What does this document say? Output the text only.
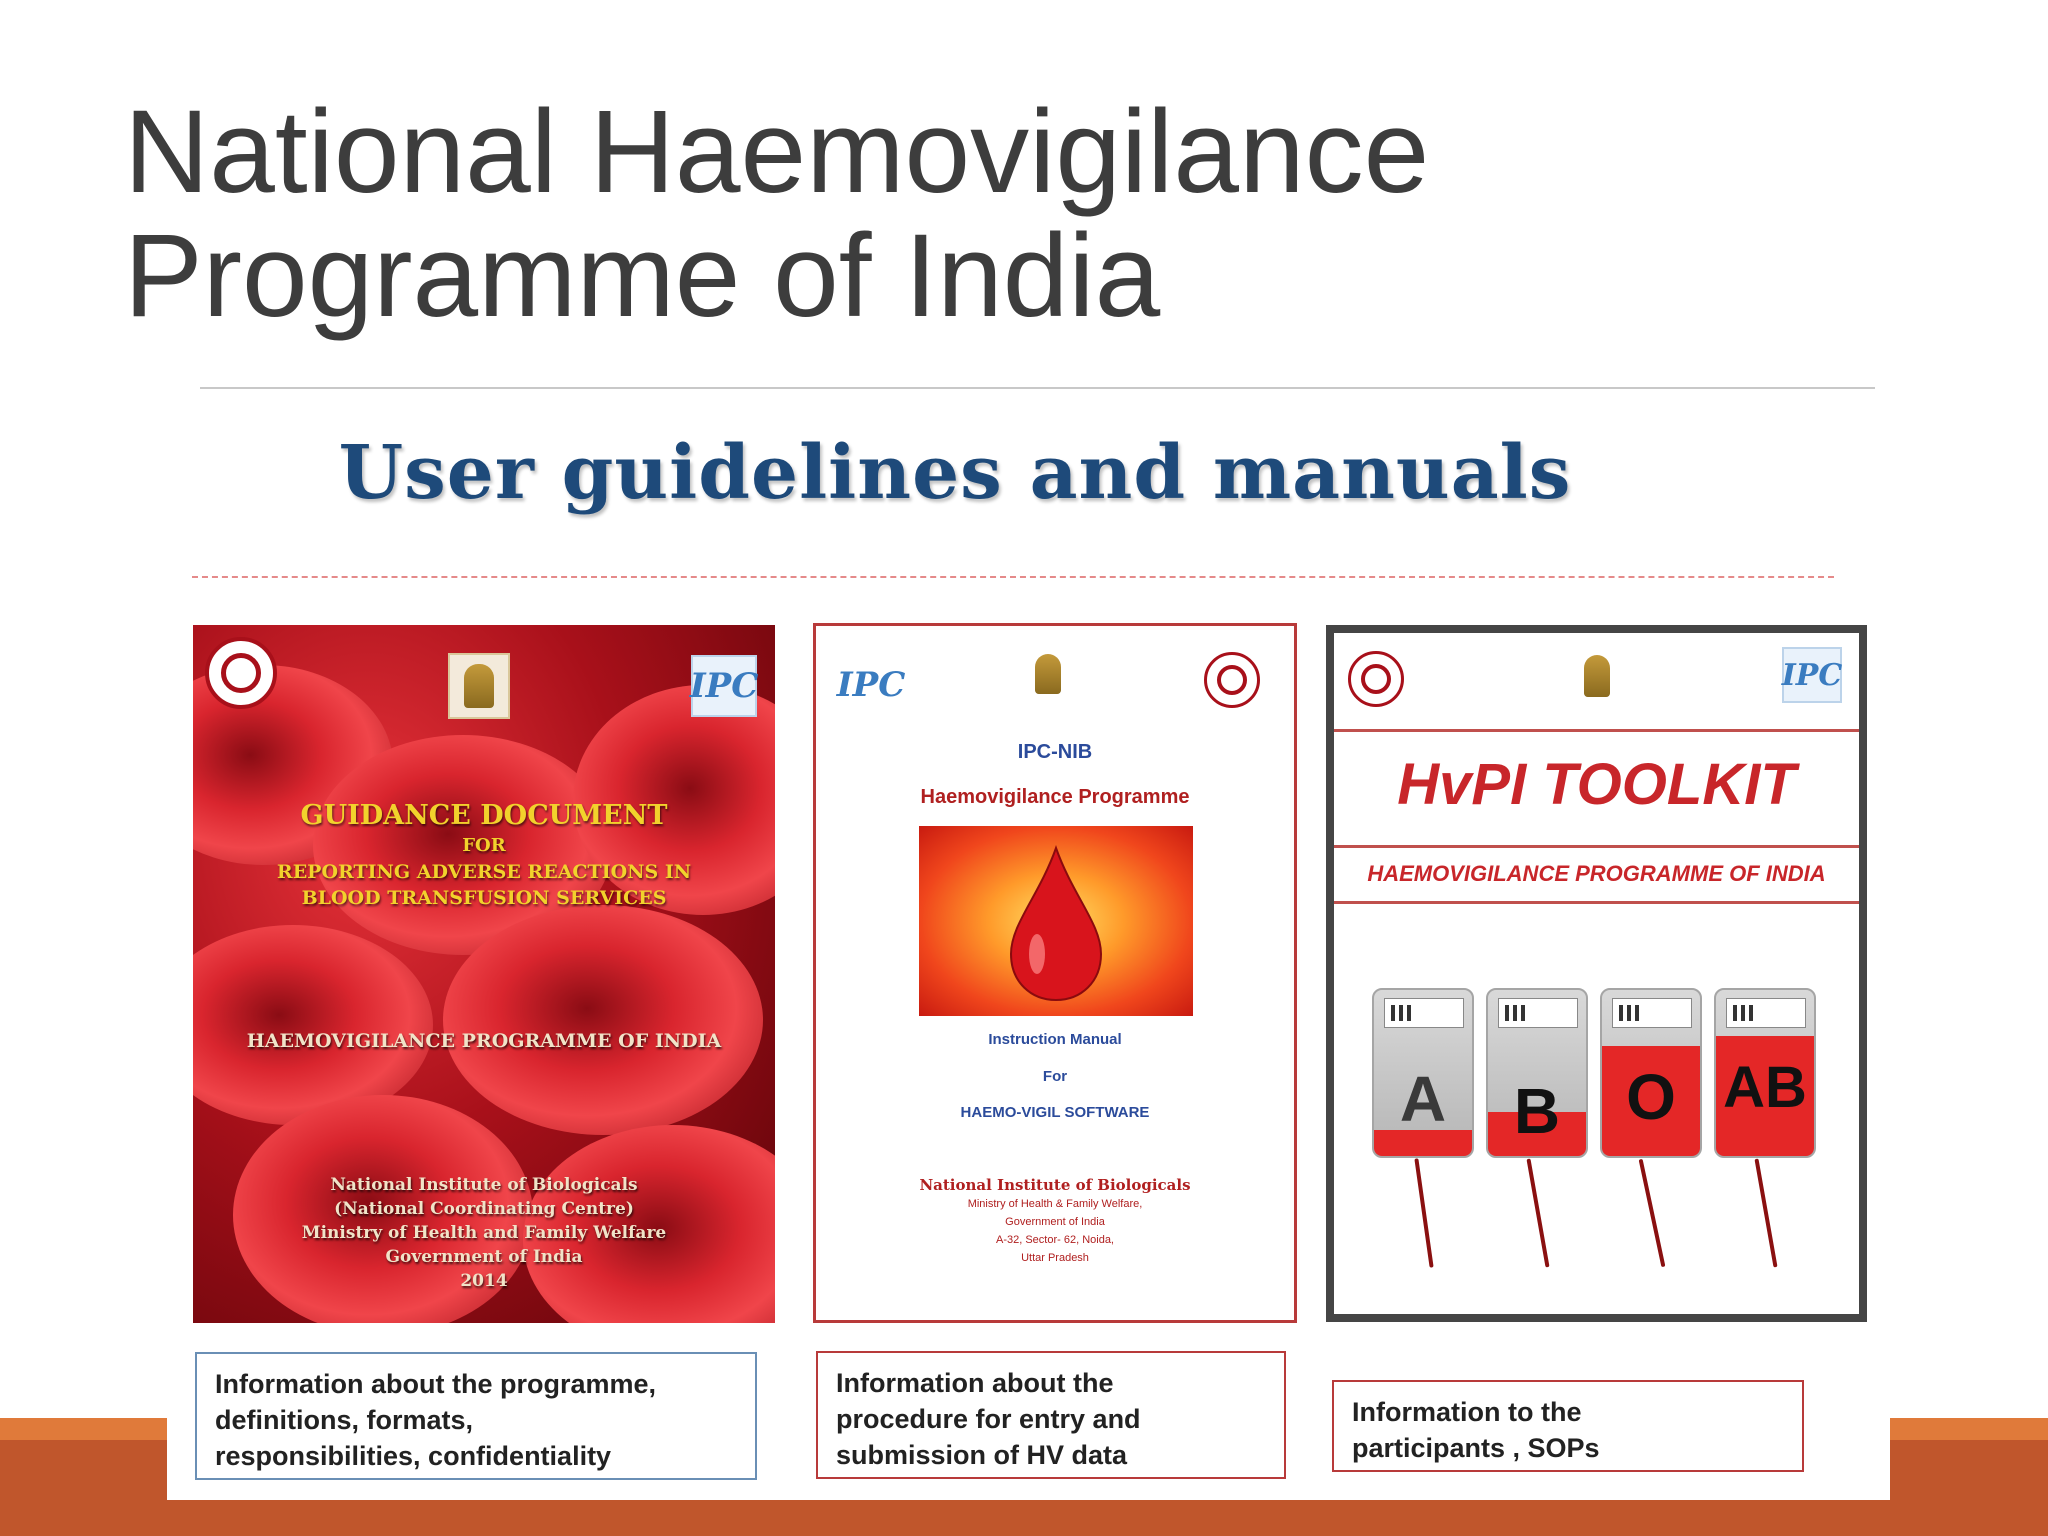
National Haemovigilance
Programme of India
User guidelines and manuals
IPC
GUIDANCE DOCUMENT
FOR
REPORTING ADVERSE REACTIONS IN
BLOOD TRANSFUSION SERVICES
HAEMOVIGILANCE PROGRAMME OF INDIA
National Institute of Biologicals
(National Coordinating Centre)
Ministry of Health and Family Welfare
Government of India
2014
IPC
IPC-NIB
Haemovigilance Programme
Instruction Manual
For
HAEMO-VIGIL SOFTWARE
National Institute of Biologicals
Ministry of Health & Family Welfare,
Government of India
A-32, Sector- 62, Noida,
Uttar Pradesh
IPC
HvPI TOOLKIT
HAEMOVIGILANCE PROGRAMME OF INDIA
A	B	O AB
Information about the programme,
definitions, formats,
responsibilities, confidentiality
Information about the
procedure for entry and
submission of HV data
Information to the
participants , SOPs
